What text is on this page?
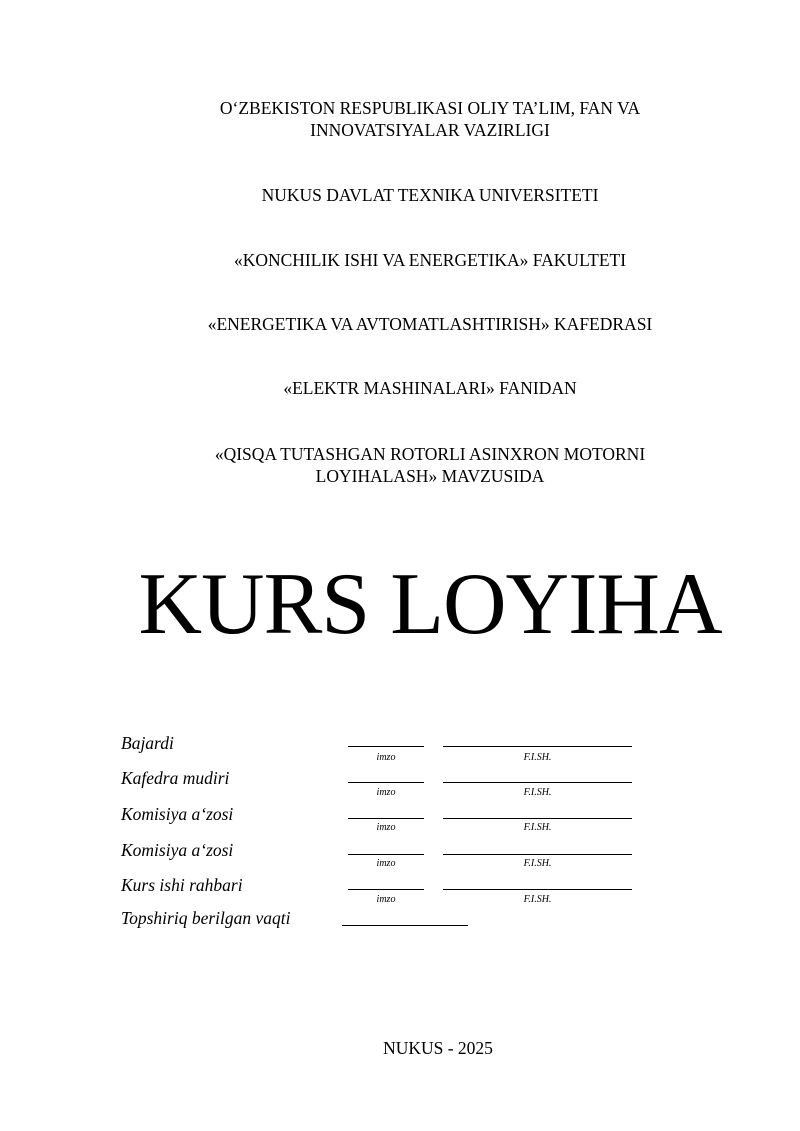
O‘ZBEKISTON RESPUBLIKASI OLIY TA’LIM, FAN VA
INNOVATSIYALAR VAZIRLIGI
NUKUS DAVLAT TEXNIKA UNIVERSITETI
«KONCHILIK ISHI VA ENERGETIKA» FAKULTETI
«ENERGETIKA VA AVTOMATLASHTIRISH» KAFEDRASI
«ELEKTR MASHINALARI» FANIDAN
«QISQA TUTASHGAN ROTORLI ASINXRON MOTORNI
LOYIHALASH» MAVZUSIDA
KURS LOYIHA
Bajardi
imzo	F.I.SH.
Kafedra mudiri
imzo	F.I.SH.
Komisiya a‘zosi
imzo	F.I.SH.
Komisiya a‘zosi
imzo	F.I.SH.
Kurs ishi rahbari
imzo	F.I.SH.
Topshiriq berilgan vaqti
NUKUS - 2025
